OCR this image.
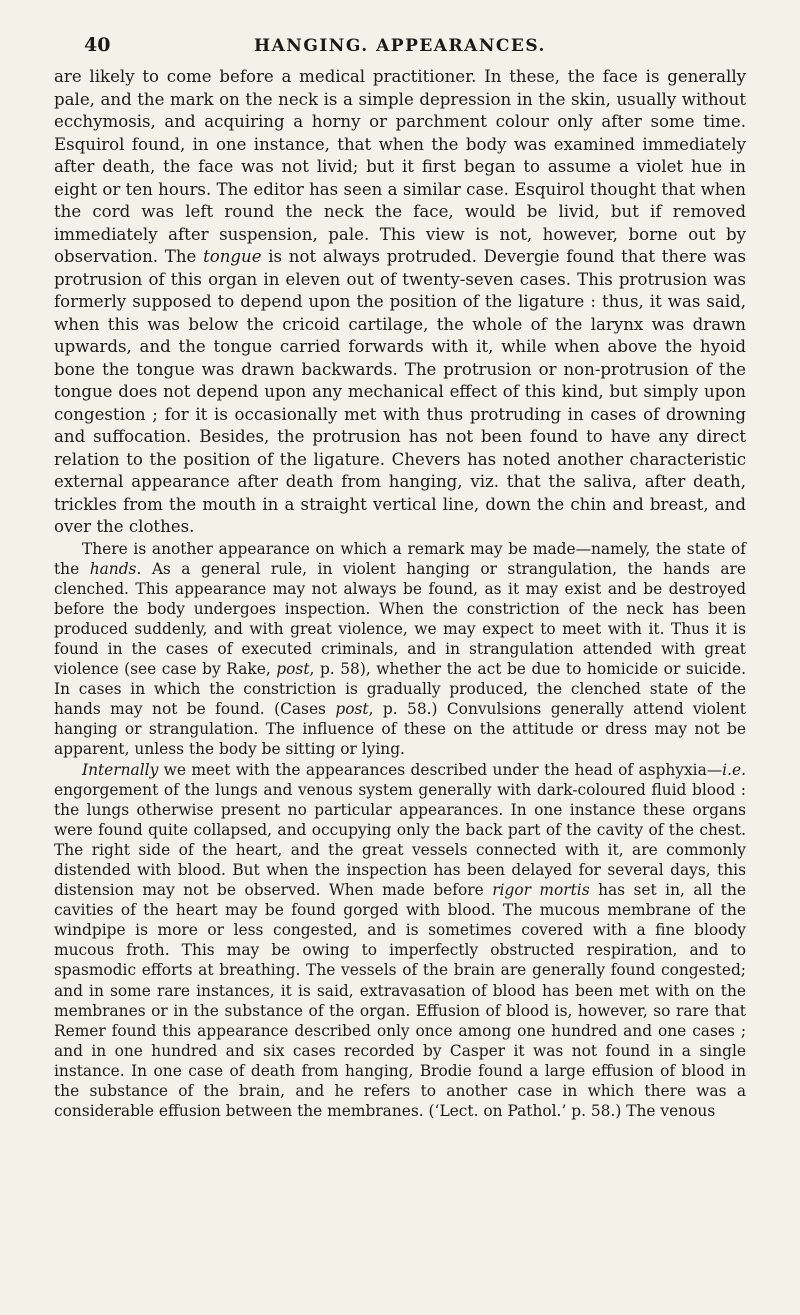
40	HANGING. APPEARANCES.

are likely to come before a medical practitioner. In these, the face is generally pale, and the mark on the neck is a simple depression in the skin, usually without ecchymosis, and acquiring a horny or parchment colour only after some time. Esquirol found, in one instance, that when the body was examined immediately after death, the face was not livid; but it first began to assume a violet hue in eight or ten hours. The editor has seen a similar case. Esquirol thought that when the cord was left round the neck the face, would be livid, but if removed immediately after suspension, pale. This view is not, however, borne out by observation. The tongue is not always protruded. Devergie found that there was protrusion of this organ in eleven out of twenty-seven cases. This protrusion was formerly supposed to depend upon the position of the ligature : thus, it was said, when this was below the cricoid cartilage, the whole of the larynx was drawn upwards, and the tongue carried forwards with it, while when above the hyoid bone the tongue was drawn backwards. The protrusion or non-protrusion of the tongue does not depend upon any mechanical effect of this kind, but simply upon congestion ; for it is occasionally met with thus protruding in cases of drowning and suffocation. Besides, the protrusion has not been found to have any direct relation to the position of the ligature. Chevers has noted another characteristic external appearance after death from hanging, viz. that the saliva, after death, trickles from the mouth in a straight vertical line, down the chin and breast, and over the clothes.

There is another appearance on which a remark may be made—namely, the state of the hands. As a general rule, in violent hanging or strangulation, the hands are clenched. This appearance may not always be found, as it may exist and be destroyed before the body undergoes inspection. When the constriction of the neck has been produced suddenly, and with great violence, we may expect to meet with it. Thus it is found in the cases of executed criminals, and in strangulation attended with great violence (see case by Rake, post, p. 58), whether the act be due to homicide or suicide. In cases in which the constriction is gradually produced, the clenched state of the hands may not be found. (Cases post, p. 58.) Convulsions generally attend violent hanging or strangulation. The influence of these on the attitude or dress may not be apparent, unless the body be sitting or lying.

Internally we meet with the appearances described under the head of asphyxia—i.e. engorgement of the lungs and venous system generally with dark-coloured fluid blood : the lungs otherwise present no particular appearances. In one instance these organs were found quite collapsed, and occupying only the back part of the cavity of the chest. The right side of the heart, and the great vessels connected with it, are commonly distended with blood. But when the inspection has been delayed for several days, this distension may not be observed. When made before rigor mortis has set in, all the cavities of the heart may be found gorged with blood. The mucous membrane of the windpipe is more or less congested, and is sometimes covered with a fine bloody mucous froth. This may be owing to imperfectly obstructed respiration, and to spasmodic efforts at breathing. The vessels of the brain are generally found congested; and in some rare instances, it is said, extravasation of blood has been met with on the membranes or in the substance of the organ. Effusion of blood is, however, so rare that Remer found this appearance described only once among one hundred and one cases ; and in one hundred and six cases recorded by Casper it was not found in a single instance. In one case of death from hanging, Brodie found a large effusion of blood in the substance of the brain, and he refers to another case in which there was a considerable effusion between the membranes. (‘Lect. on Pathol.’ p. 58.) The venous
